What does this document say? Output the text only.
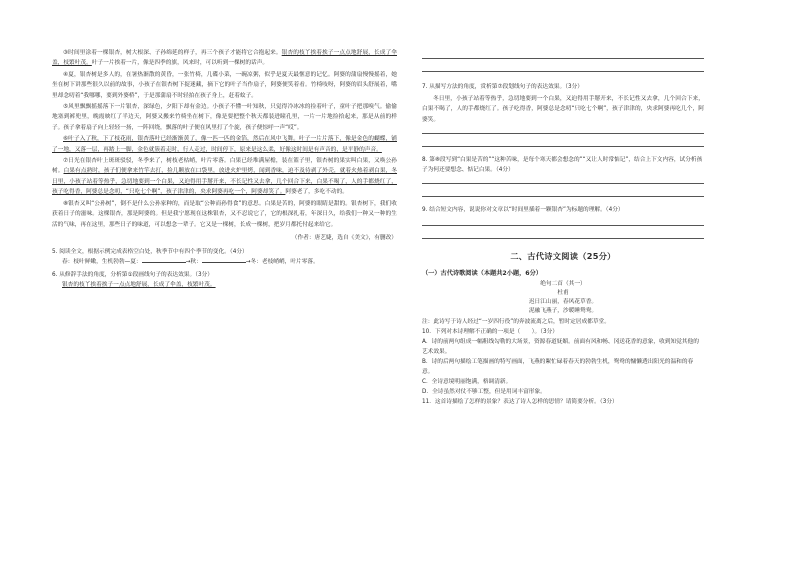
③时间里涂着一棵银杏，树大根深、子孙绵延的样子，再三个孩子才能将它合抱起来。银杏的枝丫挨着挨子一点点地舒展，长成了伞盖，枝繁叶茂。叶子一片挨着一片，像是四季的旗，风来时，可以听到一棵树的话声。

④夏，银杏树是多人的，在暑热渐散的黄昏，一张竹椅，几碟小菜，一碗凉粥，似乎是夏天最惬意的记忆。阿婆的蒲扇慢慢摇着，她坐在树下讲那些很久以前的故事，小孩子在银杏树下捉迷藏，摘下它的叶子当作扇子，阿婆便笑着看。竹椅吱呀，阿婆的眉头舒展着，嘴里却念叨着“我哪哪，要到外婆桥”，于是那蒲扇不时轻拍在孩子身上，赶着蚊子。

⑤风里飘飘摇摇落下一片银杏，深绿色，夕阳下却有金边。小孩子不懂一叶知秋，只觉得冷冰冰的捡着叶子，童叶子把那嗅气。偷偷地塞到裤兜里，晚霞映红了半边天，阿婆又搬来竹椅坐在树下，像是要把整个秋天都装进瞳孔里，一片一片地捡拾起来，那是从前的样子。孩子拿着扇子向上轻轻一扬，一阵回绕，飘落的叶子便在风里打了个旋，孩子便惊呼一声“哎”。

⑥叶子入了秋，下了枝花雨，银杏落叶已经渐渐黄了，像一匹一匹的金箔，然后在风中飞舞。叶子一片片落下，像是金色的蝴蝶，铺了一地，又落一层，再踏上一脚，金色就簇着走时，行人走过，时间停下，原来是这么柔，好像这时间是有声音的，是平静的声音。

⑦日光在银杏叶上斑斑驳驳，冬季来了，树枝老枯峭，叶片零落。白果已经堆满屋檐，装在篮子里，银杏树的果实叫白果，又唤公孙树。白果有点熟时，孩子们便拿来竹竿去打，捡几颗放在口袋里，放进火炉里烤，闻到香味，迫不及待剥了外壳，就着火热着剥白果，冬日里，小孩子站着等热乎，急切地要到一个白果，又迫得用手掰开来，不长记性又去拿，几个回合下来，白果不喝了，人的手都烧红了，孩子吃得香，阿婆总是念叨，“只吃七个啊”，孩子津津的，央求阿婆再吃一个，阿婆却笑了。阿婆老了，多吃不动的。

⑧银杏又叫“公孙树”，倒不是什么公孙家种的，而是取“公种而孙得食”的意思。白果是苦的，阿婆的眼睛是甜的。银杏树下，我们收获着日子的滋味。这棵银杏，那是阿婆的。但是我宁愿现在这株银杏，又不忍说它了，它的根深扎着，年深日久，给我们一种又一种的生活的气味，再在这里，那些日子的味道，可以想念一辈子。它又是一棵树，长成一棵树，把岁月都托付起来给它。

（作者：唐艺婕，选自《美文》，有删改）

5. 阅读全文，根据示例完成表格空白处，秋季节中有四个季节的变化。（4分）

春：枝叶鲜嫩，生机勃勃—夏：	→秋：	→冬：老枝峭峭，叶片零落。

6. 从修辞手法的角度，分析第①段画线句子的表达效果。（3分）

银杏的枝丫挨着挨子一点点地舒展，长成了伞盖，枝繁叶茂。

7. 从描写方法的角度，赏析第⑦段划线句子的表达效果。（3分）

冬日里，小孩子站着等热乎，急切地要到一个白果，又迫得用手掰开来，不长记性又去拿，几个回合下来，白果不喝了，人的手都烧红了。孩子吃得香，阿婆总是念叨“只吃七个啊”，孩子津津的，央求阿婆再吃几个，阿婆笑。

8. 第⑧段写到“白果是苦的”“这种苦味，是每个寒天都会想念的”“又让人时常惦记”，结合上下文内容，试分析孩子为何还要想念、惦记白果。（4分）

9. 结合短文内容，说说你对文章以“时间里插着一颗银杏”为标题的理解。（4分）

二、古代诗文阅读（25分）

（一）古代诗歌阅读（本题共2小题，6分）

绝句二首（其一）

杜甫

迟日江山丽，春风花草香。

泥融飞燕子，沙暖睡鸳鸯。

注：此诗写于诗人经过“一岁四行役”的奔波流离之后，暂时定居成都草堂。

10．下列对本诗理解不正确的一项是（　　）。（3分）

A．诗的前两句组成一幅粗线勾勒的大场景，资源春道妩媚。前面有风和畅、冈送花香的意象，收到知觉其他的艺术效果。

B．诗的后两句描绘工笔描画的特写画面，飞燕的絮忙碌着春天的勃勃生机，鸳鸯的慵懒透出阳光的温和的春意。

C．全诗意境明丽饱满，格调清新。

D．全诗虽然对仗不够工整，但是用词丰富形象。

11．这首诗描绘了怎样的景象？表达了诗人怎样的思情？请简要分析。（3分）
